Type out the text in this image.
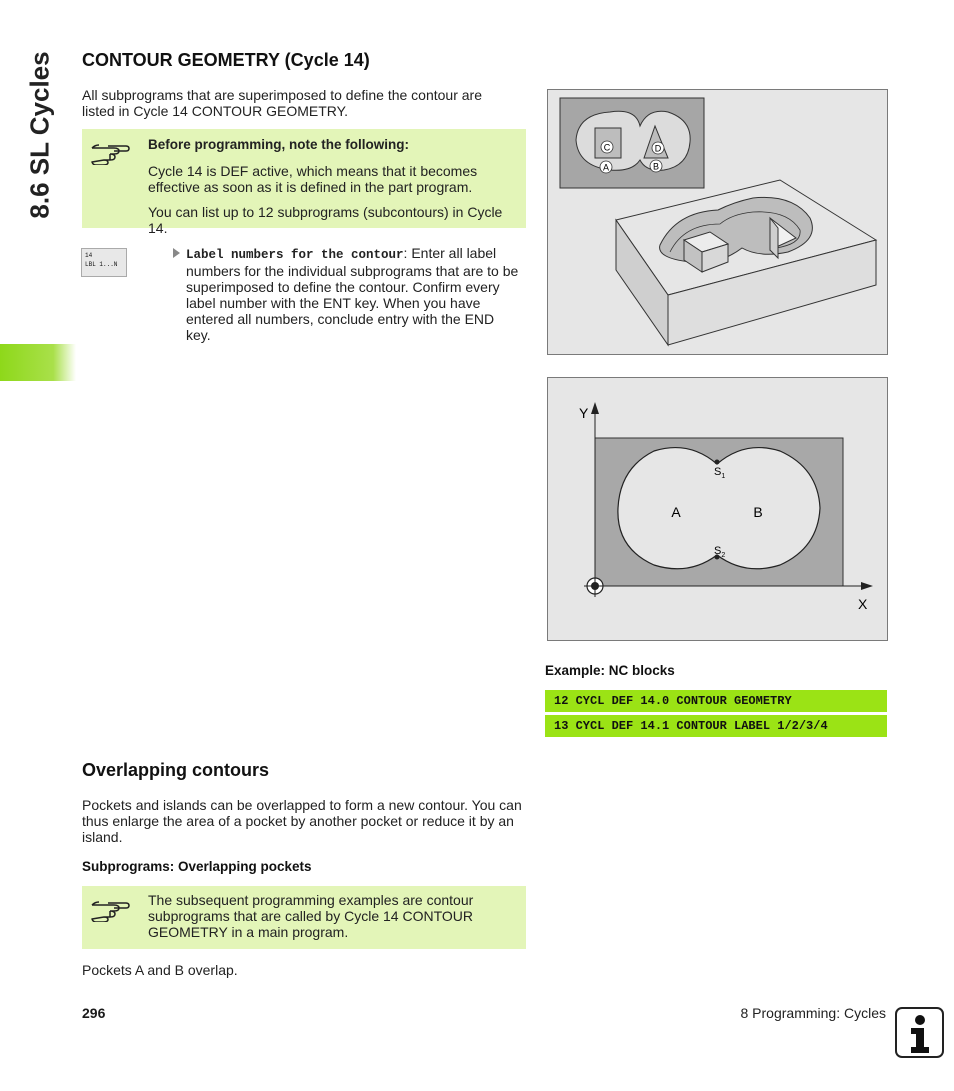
8.6 SL Cycles CONTOUR GEOMETRY (Cycle 14)
All subprograms that are superimposed to define the contour are
listed in Cycle 14 CONTOUR GEOMETRY.
Before programming, note the following:
Cycle 14 is DEF active, which means that it becomes
effective as soon as it is defined in the part program.
You can list up to 12 subprograms (subcontours) in Cycle 14.
14
LBL 1...N
Label numbers for the contour: Enter all label
numbers for the individual subprograms that are to be
superimposed to define the contour. Confirm every
label number with the ENT key. When you have
entered all numbers, conclude entry with the END
key.
C	D
A	B
Y
X
A	B
$S_1$
$S_2$
Example: NC blocks
12 CYCL DEF 14.0 CONTOUR GEOMETRY
13 CYCL DEF 14.1 CONTOUR LABEL 1/2/3/4
Overlapping contours
Pockets and islands can be overlapped to form a new contour. You can
thus enlarge the area of a pocket by another pocket or reduce it by an
island.
Subprograms: Overlapping pockets
The subsequent programming examples are contour
subprograms that are called by Cycle 14 CONTOUR
GEOMETRY in a main program.
Pockets A and B overlap.
296	8 Programming: Cycles
